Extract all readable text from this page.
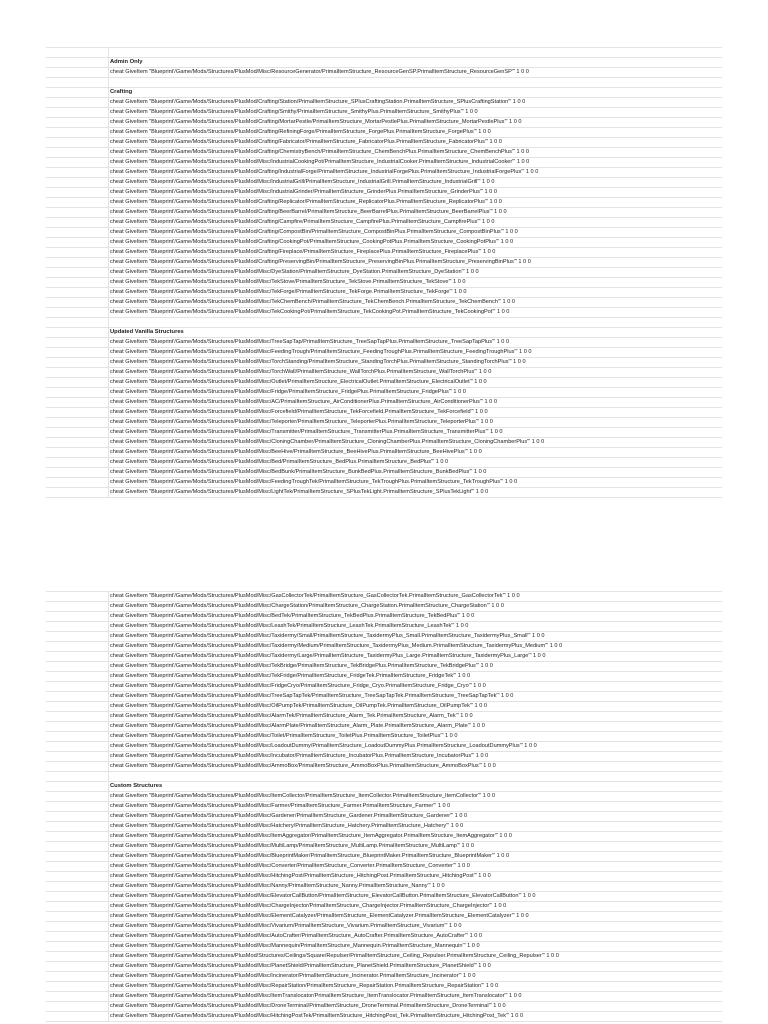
	Admin Only
	cheat GiveItem "Blueprint'/Game/Mods/Structures/PlusMod/Misc/ResourceGenerator/PrimalItemStructure_ResourceGenSP.PrimalItemStructure_ResourceGenSP'" 1 0 0

	Crafting
	cheat GiveItem "Blueprint'/Game/Mods/Structures/PlusMod/Crafting/Station/PrimalItemStructure_SPlusCraftingStation.PrimalItemStructure_SPlusCraftingStation'" 1 0 0
	cheat GiveItem "Blueprint'/Game/Mods/Structures/PlusMod/Crafting/Smithy/PrimalItemStructure_SmithyPlus.PrimalItemStructure_SmithyPlus'" 1 0 0
	cheat GiveItem "Blueprint'/Game/Mods/Structures/PlusMod/Crafting/MortarPestle/PrimalItemStructure_MortarPestlePlus.PrimalItemStructure_MortarPestlePlus'" 1 0 0
	cheat GiveItem "Blueprint'/Game/Mods/Structures/PlusMod/Crafting/RefiningForge/PrimalItemStructure_ForgePlus.PrimalItemStructure_ForgePlus'" 1 0 0
	cheat GiveItem "Blueprint'/Game/Mods/Structures/PlusMod/Crafting/Fabricator/PrimalItemStructure_FabricatorPlus.PrimalItemStructure_FabricatorPlus'" 1 0 0
	cheat GiveItem "Blueprint'/Game/Mods/Structures/PlusMod/Crafting/ChemistryBench/PrimalItemStructure_ChemBenchPlus.PrimalItemStructure_ChemBenchPlus'" 1 0 0
	cheat GiveItem "Blueprint'/Game/Mods/Structures/PlusMod/Misc/IndustrialCookingPot/PrimalItemStructure_IndustrialCooker.PrimalItemStructure_IndustrialCooker'" 1 0 0
	cheat GiveItem "Blueprint'/Game/Mods/Structures/PlusMod/Crafting/IndustrialForge/PrimalItemStructure_IndustrialForgePlus.PrimalItemStructure_IndustrialForgePlus'" 1 0 0
	cheat GiveItem "Blueprint'/Game/Mods/Structures/PlusMod/Misc/IndustrialGrill/PrimalItemStructure_IndustrialGrill.PrimalItemStructure_IndustrialGrill'" 1 0 0
	cheat GiveItem "Blueprint'/Game/Mods/Structures/PlusMod/Misc/IndustrialGrinder/PrimalItemStructure_GrinderPlus.PrimalItemStructure_GrinderPlus'" 1 0 0
	cheat GiveItem "Blueprint'/Game/Mods/Structures/PlusMod/Crafting/Replicator/PrimalItemStructure_ReplicatorPlus.PrimalItemStructure_ReplicatorPlus'" 1 0 0
	cheat GiveItem "Blueprint'/Game/Mods/Structures/PlusMod/Crafting/BeerBarrel/PrimalItemStructure_BeerBarrelPlus.PrimalItemStructure_BeerBarrelPlus'" 1 0 0
	cheat GiveItem "Blueprint'/Game/Mods/Structures/PlusMod/Crafting/Campfire/PrimalItemStructure_CampfirePlus.PrimalItemStructure_CampfirePlus'" 1 0 0
	cheat GiveItem "Blueprint'/Game/Mods/Structures/PlusMod/Crafting/CompostBin/PrimalItemStructure_CompostBinPlus.PrimalItemStructure_CompostBinPlus'" 1 0 0
	cheat GiveItem "Blueprint'/Game/Mods/Structures/PlusMod/Crafting/CookingPot/PrimalItemStructure_CookingPotPlus.PrimalItemStructure_CookingPotPlus'" 1 0 0
	cheat GiveItem "Blueprint'/Game/Mods/Structures/PlusMod/Crafting/Fireplace/PrimalItemStructure_FireplacePlus.PrimalItemStructure_FireplacePlus'" 1 0 0
	cheat GiveItem "Blueprint'/Game/Mods/Structures/PlusMod/Crafting/PreservingBin/PrimalItemStructure_PreservingBinPlus.PrimalItemStructure_PreservingBinPlus'" 1 0 0
	cheat GiveItem "Blueprint'/Game/Mods/Structures/PlusMod/Misc/DyeStation/PrimalItemStructure_DyeStation.PrimalItemStructure_DyeStation'" 1 0 0
	cheat GiveItem "Blueprint'/Game/Mods/Structures/PlusMod/Misc/TekStove/PrimalItemStructure_TekStove.PrimalItemStructure_TekStove'" 1 0 0
	cheat GiveItem "Blueprint'/Game/Mods/Structures/PlusMod/Misc/TekForge/PrimalItemStructure_TekForge.PrimalItemStructure_TekForge'" 1 0 0
	cheat GiveItem "Blueprint'/Game/Mods/Structures/PlusMod/Misc/TekChemBench/PrimalItemStructure_TekChemBench.PrimalItemStructure_TekChemBench'" 1 0 0
	cheat GiveItem "Blueprint'/Game/Mods/Structures/PlusMod/Misc/TekCookingPot/PrimalItemStructure_TekCookingPot.PrimalItemStructure_TekCookingPot'" 1 0 0

	Updated Vanilla Structures
	cheat GiveItem "Blueprint'/Game/Mods/Structures/PlusMod/Misc/TreeSapTap/PrimalItemStructure_TreeSapTapPlus.PrimalItemStructure_TreeSapTapPlus'" 1 0 0
	cheat GiveItem "Blueprint'/Game/Mods/Structures/PlusMod/Misc/FeedingTrough/PrimalItemStructure_FeedingTroughPlus.PrimalItemStructure_FeedingTroughPlus'" 1 0 0
	cheat GiveItem "Blueprint'/Game/Mods/Structures/PlusMod/Misc/TorchStanding/PrimalItemStructure_StandingTorchPlus.PrimalItemStructure_StandingTorchPlus'" 1 0 0
	cheat GiveItem "Blueprint'/Game/Mods/Structures/PlusMod/Misc/TorchWall/PrimalItemStructure_WallTorchPlus.PrimalItemStructure_WallTorchPlus'" 1 0 0
	cheat GiveItem "Blueprint'/Game/Mods/Structures/PlusMod/Misc/Outlet/PrimalItemStructure_ElectricalOutlet.PrimalItemStructure_ElectricalOutlet'" 1 0 0
	cheat GiveItem "Blueprint'/Game/Mods/Structures/PlusMod/Misc/Fridge/PrimalItemStructure_FridgePlus.PrimalItemStructure_FridgePlus'" 1 0 0
	cheat GiveItem "Blueprint'/Game/Mods/Structures/PlusMod/Misc/AC/PrimalItemStructure_AirConditionerPlus.PrimalItemStructure_AirConditionerPlus'" 1 0 0
	cheat GiveItem "Blueprint'/Game/Mods/Structures/PlusMod/Misc/Forcefield/PrimalItemStructure_TekForcefield.PrimalItemStructure_TekForcefield'" 1 0 0
	cheat GiveItem "Blueprint'/Game/Mods/Structures/PlusMod/Misc/Teleporter/PrimalItemStructure_TeleporterPlus.PrimalItemStructure_TeleporterPlus'" 1 0 0
	cheat GiveItem "Blueprint'/Game/Mods/Structures/PlusMod/Misc/Transmitter/PrimalItemStructure_TransmitterPlus.PrimalItemStructure_TransmitterPlus'" 1 0 0
	cheat GiveItem "Blueprint'/Game/Mods/Structures/PlusMod/Misc/CloningChamber/PrimalItemStructure_CloningChamberPlus.PrimalItemStructure_CloningChamberPlus'" 1 0 0
	cheat GiveItem "Blueprint'/Game/Mods/Structures/PlusMod/Misc/BeeHive/PrimalItemStructure_BeeHivePlus.PrimalItemStructure_BeeHivePlus'" 1 0 0
	cheat GiveItem "Blueprint'/Game/Mods/Structures/PlusMod/Misc/Bed/PrimalItemStructure_BedPlus.PrimalItemStructure_BedPlus'" 1 0 0
	cheat GiveItem "Blueprint'/Game/Mods/Structures/PlusMod/Misc/BedBunk/PrimalItemStructure_BunkBedPlus.PrimalItemStructure_BunkBedPlus'" 1 0 0
	cheat GiveItem "Blueprint'/Game/Mods/Structures/PlusMod/Misc/FeedingTroughTek/PrimalItemStructure_TekTroughPlus.PrimalItemStructure_TekTroughPlus'" 1 0 0
	cheat GiveItem "Blueprint'/Game/Mods/Structures/PlusMod/Misc/LightTek/PrimalItemStructure_SPlusTekLight.PrimalItemStructure_SPlusTekLight'" 1 0 0
	cheat GiveItem "Blueprint'/Game/Mods/Structures/PlusMod/Misc/GasCollectorTek/PrimalItemStructure_GasCollectorTek.PrimalItemStructure_GasCollectorTek'" 1 0 0
	cheat GiveItem "Blueprint'/Game/Mods/Structures/PlusMod/Misc/ChargeStation/PrimalItemStructure_ChargeStation.PrimalItemStructure_ChargeStation'" 1 0 0
	cheat GiveItem "Blueprint'/Game/Mods/Structures/PlusMod/Misc/BedTek/PrimalItemStructure_TekBedPlus.PrimalItemStructure_TekBedPlus'" 1 0 0
	cheat GiveItem "Blueprint'/Game/Mods/Structures/PlusMod/Misc/LeashTek/PrimalItemStructure_LeashTek.PrimalItemStructure_LeashTek'" 1 0 0
	cheat GiveItem "Blueprint'/Game/Mods/Structures/PlusMod/Misc/Taxidermy/Small/PrimalItemStructure_TaxidermyPlus_Small.PrimalItemStructure_TaxidermyPlus_Small'" 1 0 0
	cheat GiveItem "Blueprint'/Game/Mods/Structures/PlusMod/Misc/Taxidermy/Medium/PrimalItemStructure_TaxidermyPlus_Medium.PrimalItemStructure_TaxidermyPlus_Medium'" 1 0 0
	cheat GiveItem "Blueprint'/Game/Mods/Structures/PlusMod/Misc/Taxidermy/Large/PrimalItemStructure_TaxidermyPlus_Large.PrimalItemStructure_TaxidermyPlus_Large'" 1 0 0
	cheat GiveItem "Blueprint'/Game/Mods/Structures/PlusMod/Misc/TekBridge/PrimalItemStructure_TekBridgePlus.PrimalItemStructure_TekBridgePlus'" 1 0 0
	cheat GiveItem "Blueprint'/Game/Mods/Structures/PlusMod/Misc/TekFridge/PrimalItemStructure_FridgeTek.PrimalItemStructure_FridgeTek'" 1 0 0
	cheat GiveItem "Blueprint'/Game/Mods/Structures/PlusMod/Misc/FridgeCryo/PrimalItemStructure_Fridge_Cryo.PrimalItemStructure_Fridge_Cryo'" 1 0 0
	cheat GiveItem "Blueprint'/Game/Mods/Structures/PlusMod/Misc/TreeSapTapTek/PrimalItemStructure_TreeSapTapTek.PrimalItemStructure_TreeSapTapTek'" 1 0 0
	cheat GiveItem "Blueprint'/Game/Mods/Structures/PlusMod/Misc/OilPumpTek/PrimalItemStructure_OilPumpTek.PrimalItemStructure_OilPumpTek'" 1 0 0
	cheat GiveItem "Blueprint'/Game/Mods/Structures/PlusMod/Misc/AlarmTek/PrimalItemStructure_Alarm_Tek.PrimalItemStructure_Alarm_Tek'" 1 0 0
	cheat GiveItem "Blueprint'/Game/Mods/Structures/PlusMod/Misc/AlarmPlate/PrimalItemStructure_Alarm_Plate.PrimalItemStructure_Alarm_Plate'" 1 0 0
	cheat GiveItem "Blueprint'/Game/Mods/Structures/PlusMod/Misc/Toilet/PrimalItemStructure_ToiletPlus.PrimalItemStructure_ToiletPlus'" 1 0 0
	cheat GiveItem "Blueprint'/Game/Mods/Structures/PlusMod/Misc/LoadoutDummy/PrimalItemStructure_LoadoutDummyPlus.PrimalItemStructure_LoadoutDummyPlus'" 1 0 0
	cheat GiveItem "Blueprint'/Game/Mods/Structures/PlusMod/Misc/Incubator/PrimalItemStructure_IncubatorPlus.PrimalItemStructure_IncubatorPlus'" 1 0 0
	cheat GiveItem "Blueprint'/Game/Mods/Structures/PlusMod/Misc/AmmoBox/PrimalItemStructure_AmmoBoxPlus.PrimalItemStructure_AmmoBoxPlus'" 1 0 0

	Custom Structures
	cheat GiveItem "Blueprint'/Game/Mods/Structures/PlusMod/Misc/ItemCollector/PrimalItemStructure_ItemCollector.PrimalItemStructure_ItemCollector'" 1 0 0
	cheat GiveItem "Blueprint'/Game/Mods/Structures/PlusMod/Misc/Farmer/PrimalItemStructure_Farmer.PrimalItemStructure_Farmer'" 1 0 0
	cheat GiveItem "Blueprint'/Game/Mods/Structures/PlusMod/Misc/Gardener/PrimalItemStructure_Gardener.PrimalItemStructure_Gardener'" 1 0 0
	cheat GiveItem "Blueprint'/Game/Mods/Structures/PlusMod/Misc/Hatchery/PrimalItemStructure_Hatchery.PrimalItemStructure_Hatchery'" 1 0 0
	cheat GiveItem "Blueprint'/Game/Mods/Structures/PlusMod/Misc/ItemAggregator/PrimalItemStructure_ItemAggregator.PrimalItemStructure_ItemAggregator'" 1 0 0
	cheat GiveItem "Blueprint'/Game/Mods/Structures/PlusMod/Misc/MultiLamp/PrimalItemStructure_MultiLamp.PrimalItemStructure_MultiLamp'" 1 0 0
	cheat GiveItem "Blueprint'/Game/Mods/Structures/PlusMod/Misc/BlueprintMaker/PrimalItemStructure_BlueprintMaker.PrimalItemStructure_BlueprintMaker'" 1 0 0
	cheat GiveItem "Blueprint'/Game/Mods/Structures/PlusMod/Misc/Converter/PrimalItemStructure_Converter.PrimalItemStructure_Converter'" 1 0 0
	cheat GiveItem "Blueprint'/Game/Mods/Structures/PlusMod/Misc/HitchingPost/PrimalItemStructure_HitchingPost.PrimalItemStructure_HitchingPost'" 1 0 0
	cheat GiveItem "Blueprint'/Game/Mods/Structures/PlusMod/Misc/Nanny/PrimalItemStructure_Nanny.PrimalItemStructure_Nanny'" 1 0 0
	cheat GiveItem "Blueprint'/Game/Mods/Structures/PlusMod/Misc/ElevatorCallButton/PrimalItemStructure_ElevatorCallButton.PrimalItemStructure_ElevatorCallButton'" 1 0 0
	cheat GiveItem "Blueprint'/Game/Mods/Structures/PlusMod/Misc/ChargeInjector/PrimalItemStructure_ChargeInjector.PrimalItemStructure_ChargeInjector'" 1 0 0
	cheat GiveItem "Blueprint'/Game/Mods/Structures/PlusMod/Misc/ElementCatalyzer/PrimalItemStructure_ElementCatalyzer.PrimalItemStructure_ElementCatalyzer'" 1 0 0
	cheat GiveItem "Blueprint'/Game/Mods/Structures/PlusMod/Misc/Vivarium/PrimalItemStructure_Vivarium.PrimalItemStructure_Vivarium'" 1 0 0
	cheat GiveItem "Blueprint'/Game/Mods/Structures/PlusMod/Misc/AutoCrafter/PrimalItemStructure_AutoCrafter.PrimalItemStructure_AutoCrafter'" 1 0 0
	cheat GiveItem "Blueprint'/Game/Mods/Structures/PlusMod/Misc/Mannequin/PrimalItemStructure_Mannequin.PrimalItemStructure_Mannequin'" 1 0 0
	cheat GiveItem "Blueprint'/Game/Mods/Structures/PlusMod/Structures/Ceilings/Square/Repulser/PrimalItemStructure_Ceiling_Repulser.PrimalItemStructure_Ceiling_Repulser'" 1 0 0
	cheat GiveItem "Blueprint'/Game/Mods/Structures/PlusMod/Misc/PlanetShield/PrimalItemStructure_PlanetShield.PrimalItemStructure_PlanetShield'" 1 0 0
	cheat GiveItem "Blueprint'/Game/Mods/Structures/PlusMod/Misc/Incinerator/PrimalItemStructure_Incinerator.PrimalItemStructure_Incinerator'" 1 0 0
	cheat GiveItem "Blueprint'/Game/Mods/Structures/PlusMod/Misc/RepairStation/PrimalItemStructure_RepairStation.PrimalItemStructure_RepairStation'" 1 0 0
	cheat GiveItem "Blueprint'/Game/Mods/Structures/PlusMod/Misc/ItemTranslocator/PrimalItemStructure_ItemTranslocator.PrimalItemStructure_ItemTranslocator'" 1 0 0
	cheat GiveItem "Blueprint'/Game/Mods/Structures/PlusMod/Misc/DroneTerminal/PrimalItemStructure_DroneTerminal.PrimalItemStructure_DroneTerminal'" 1 0 0
	cheat GiveItem "Blueprint'/Game/Mods/Structures/PlusMod/Misc/HitchingPostTek/PrimalItemStructure_HitchingPost_Tek.PrimalItemStructure_HitchingPost_Tek'" 1 0 0
